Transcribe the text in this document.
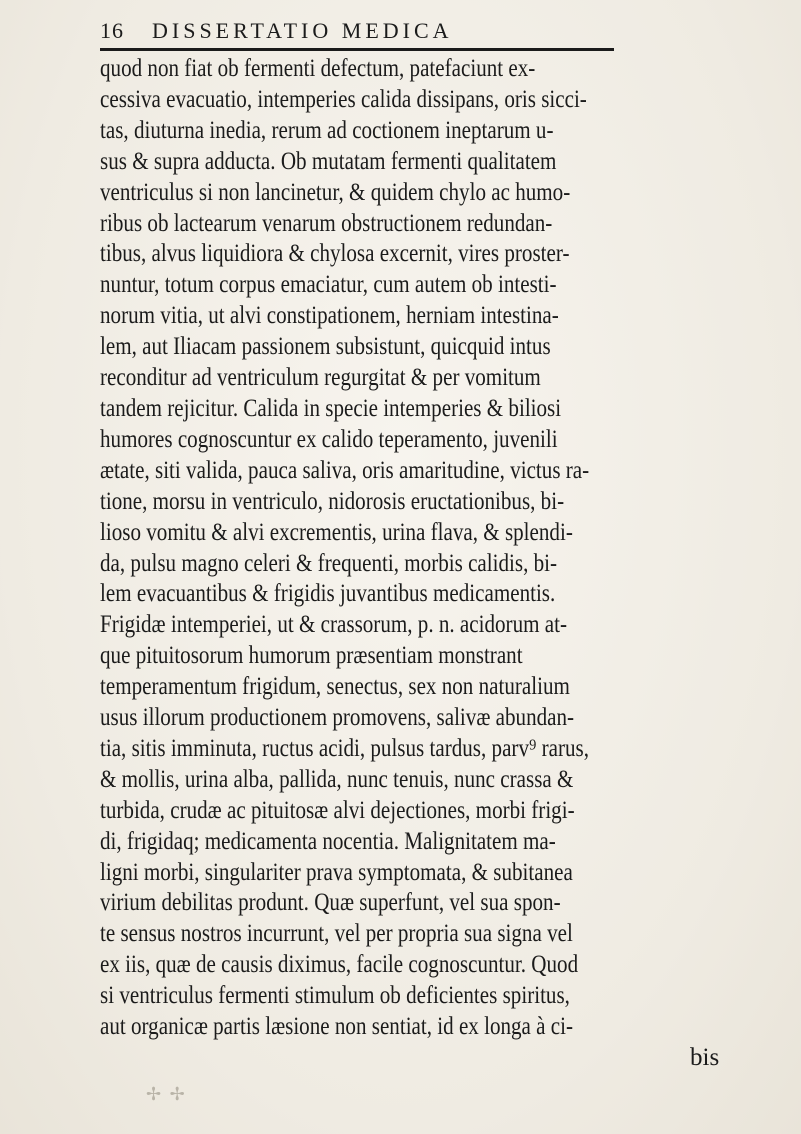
16 DISSERTATIO MEDICA
quod non fiat ob fermenti defectum, patefaciunt ex-
cessiva evacuatio, intemperies calida dissipans, oris sicci-
tas, diuturna inedia, rerum ad coctionem ineptarum u-
sus & supra adducta. Ob mutatam fermenti qualitatem
ventriculus si non lancinetur, & quidem chylo ac humo-
ribus ob lactearum venarum obstructionem redundan-
tibus, alvus liquidiora & chylosa excernit, vires proster-
nuntur, totum corpus emaciatur, cum autem ob intesti-
norum vitia, ut alvi constipationem, herniam intestina-
lem, aut Iliacam passionem subsistunt, quicquid intus
reconditur ad ventriculum regurgitat & per vomitum
tandem rejicitur. Calida in specie intemperies & biliosi
humores cognoscuntur ex calido teperamento, juvenili
ætate, siti valida, pauca saliva, oris amaritudine, victus ra-
tione, morsu in ventriculo, nidorosis eructationibus, bi-
lioso vomitu & alvi excrementis, urina flava, & splendi-
da, pulsu magno celeri & frequenti, morbis calidis, bi-
lem evacuantibus & frigidis juvantibus medicamentis.
Frigidæ intemperiei, ut & crassorum, p. n. acidorum at-
que pituitosorum humorum præsentiam monstrant
temperamentum frigidum, senectus, sex non naturalium
usus illorum productionem promovens, salivæ abundan-
tia, sitis imminuta, ructus acidi, pulsus tardus, parv⁹ rarus,
& mollis, urina alba, pallida, nunc tenuis, nunc crassa &
turbida, crudæ ac pituitosæ alvi dejectiones, morbi frigi-
di, frigidaq; medicamenta nocentia. Malignitatem ma-
ligni morbi, singulariter prava symptomata, & subitanea
virium debilitas produnt. Quæ superfunt, vel sua spon-
te sensus nostros incurrunt, vel per propria sua signa vel
ex iis, quæ de causis diximus, facile cognoscuntur. Quod
si ventriculus fermenti stimulum ob deficientes spiritus,
aut organicæ partis læsione non sentiat, id ex longa à ci-
bis
✢ ✢
